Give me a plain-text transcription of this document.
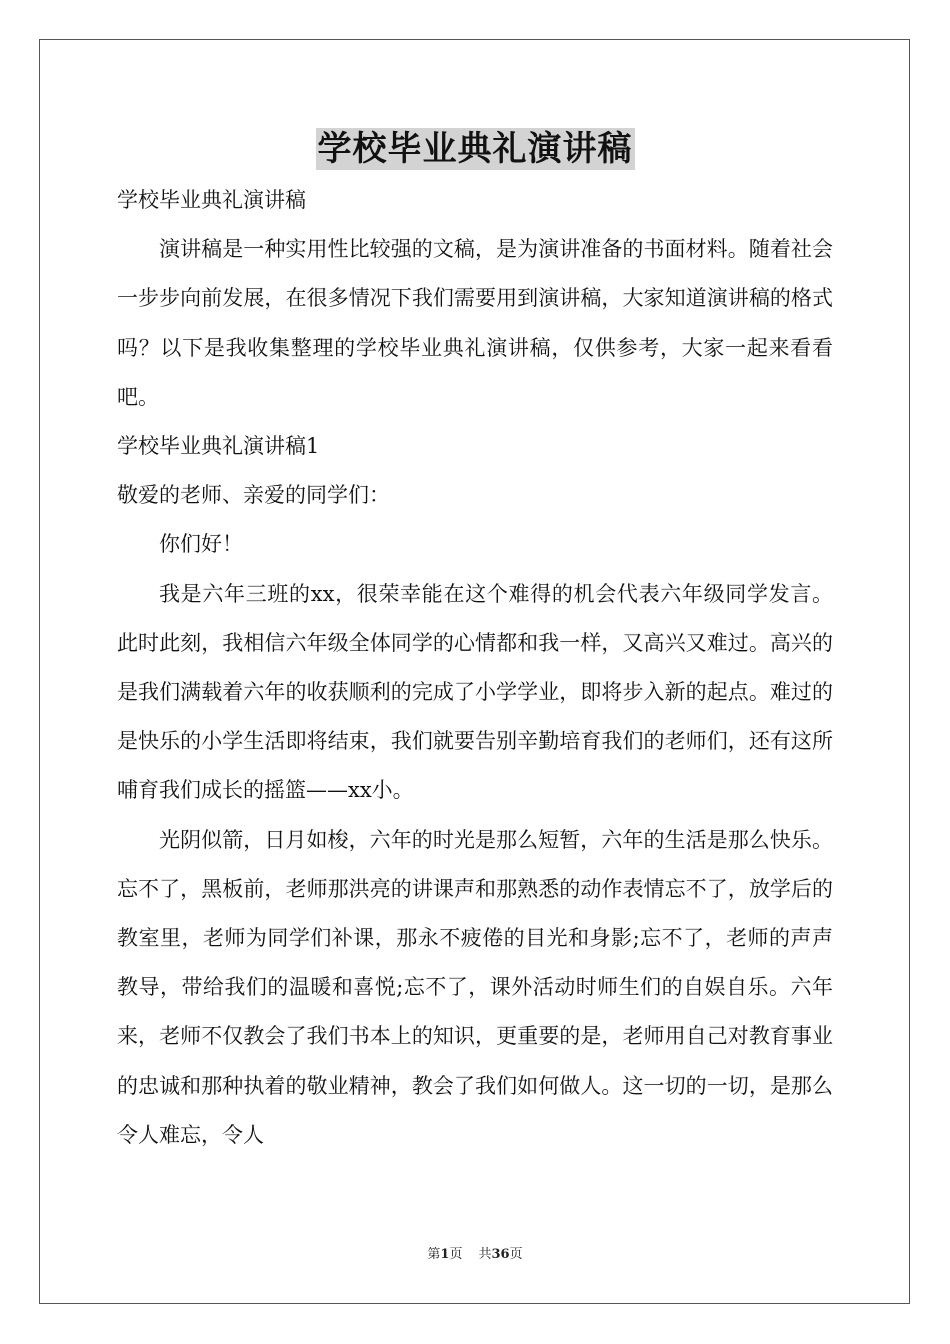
学校毕业典礼演讲稿

学校毕业典礼演讲稿

演讲稿是一种实用性比较强的文稿，是为演讲准备的书面材料。随着社会一步步向前发展，在很多情况下我们需要用到演讲稿，大家知道演讲稿的格式吗？以下是我收集整理的学校毕业典礼演讲稿，仅供参考，大家一起来看看吧。

学校毕业典礼演讲稿1

敬爱的老师、亲爱的同学们：

你们好！

我是六年三班的xx，很荣幸能在这个难得的机会代表六年级同学发言。此时此刻，我相信六年级全体同学的心情都和我一样，又高兴又难过。高兴的是我们满载着六年的收获顺利的完成了小学学业，即将步入新的起点。难过的是快乐的小学生活即将结束，我们就要告别辛勤培育我们的老师们，还有这所哺育我们成长的摇篮——xx小。

光阴似箭，日月如梭，六年的时光是那么短暂，六年的生活是那么快乐。忘不了，黑板前，老师那洪亮的讲课声和那熟悉的动作表情忘不了，放学后的教室里，老师为同学们补课，那永不疲倦的目光和身影;忘不了，老师的声声教导，带给我们的温暖和喜悦;忘不了，课外活动时师生们的自娱自乐。六年来，老师不仅教会了我们书本上的知识，更重要的是，老师用自己对教育事业的忠诚和那种执着的敬业精神，教会了我们如何做人。这一切的一切，是那么令人难忘，令人

第1页 共36页
